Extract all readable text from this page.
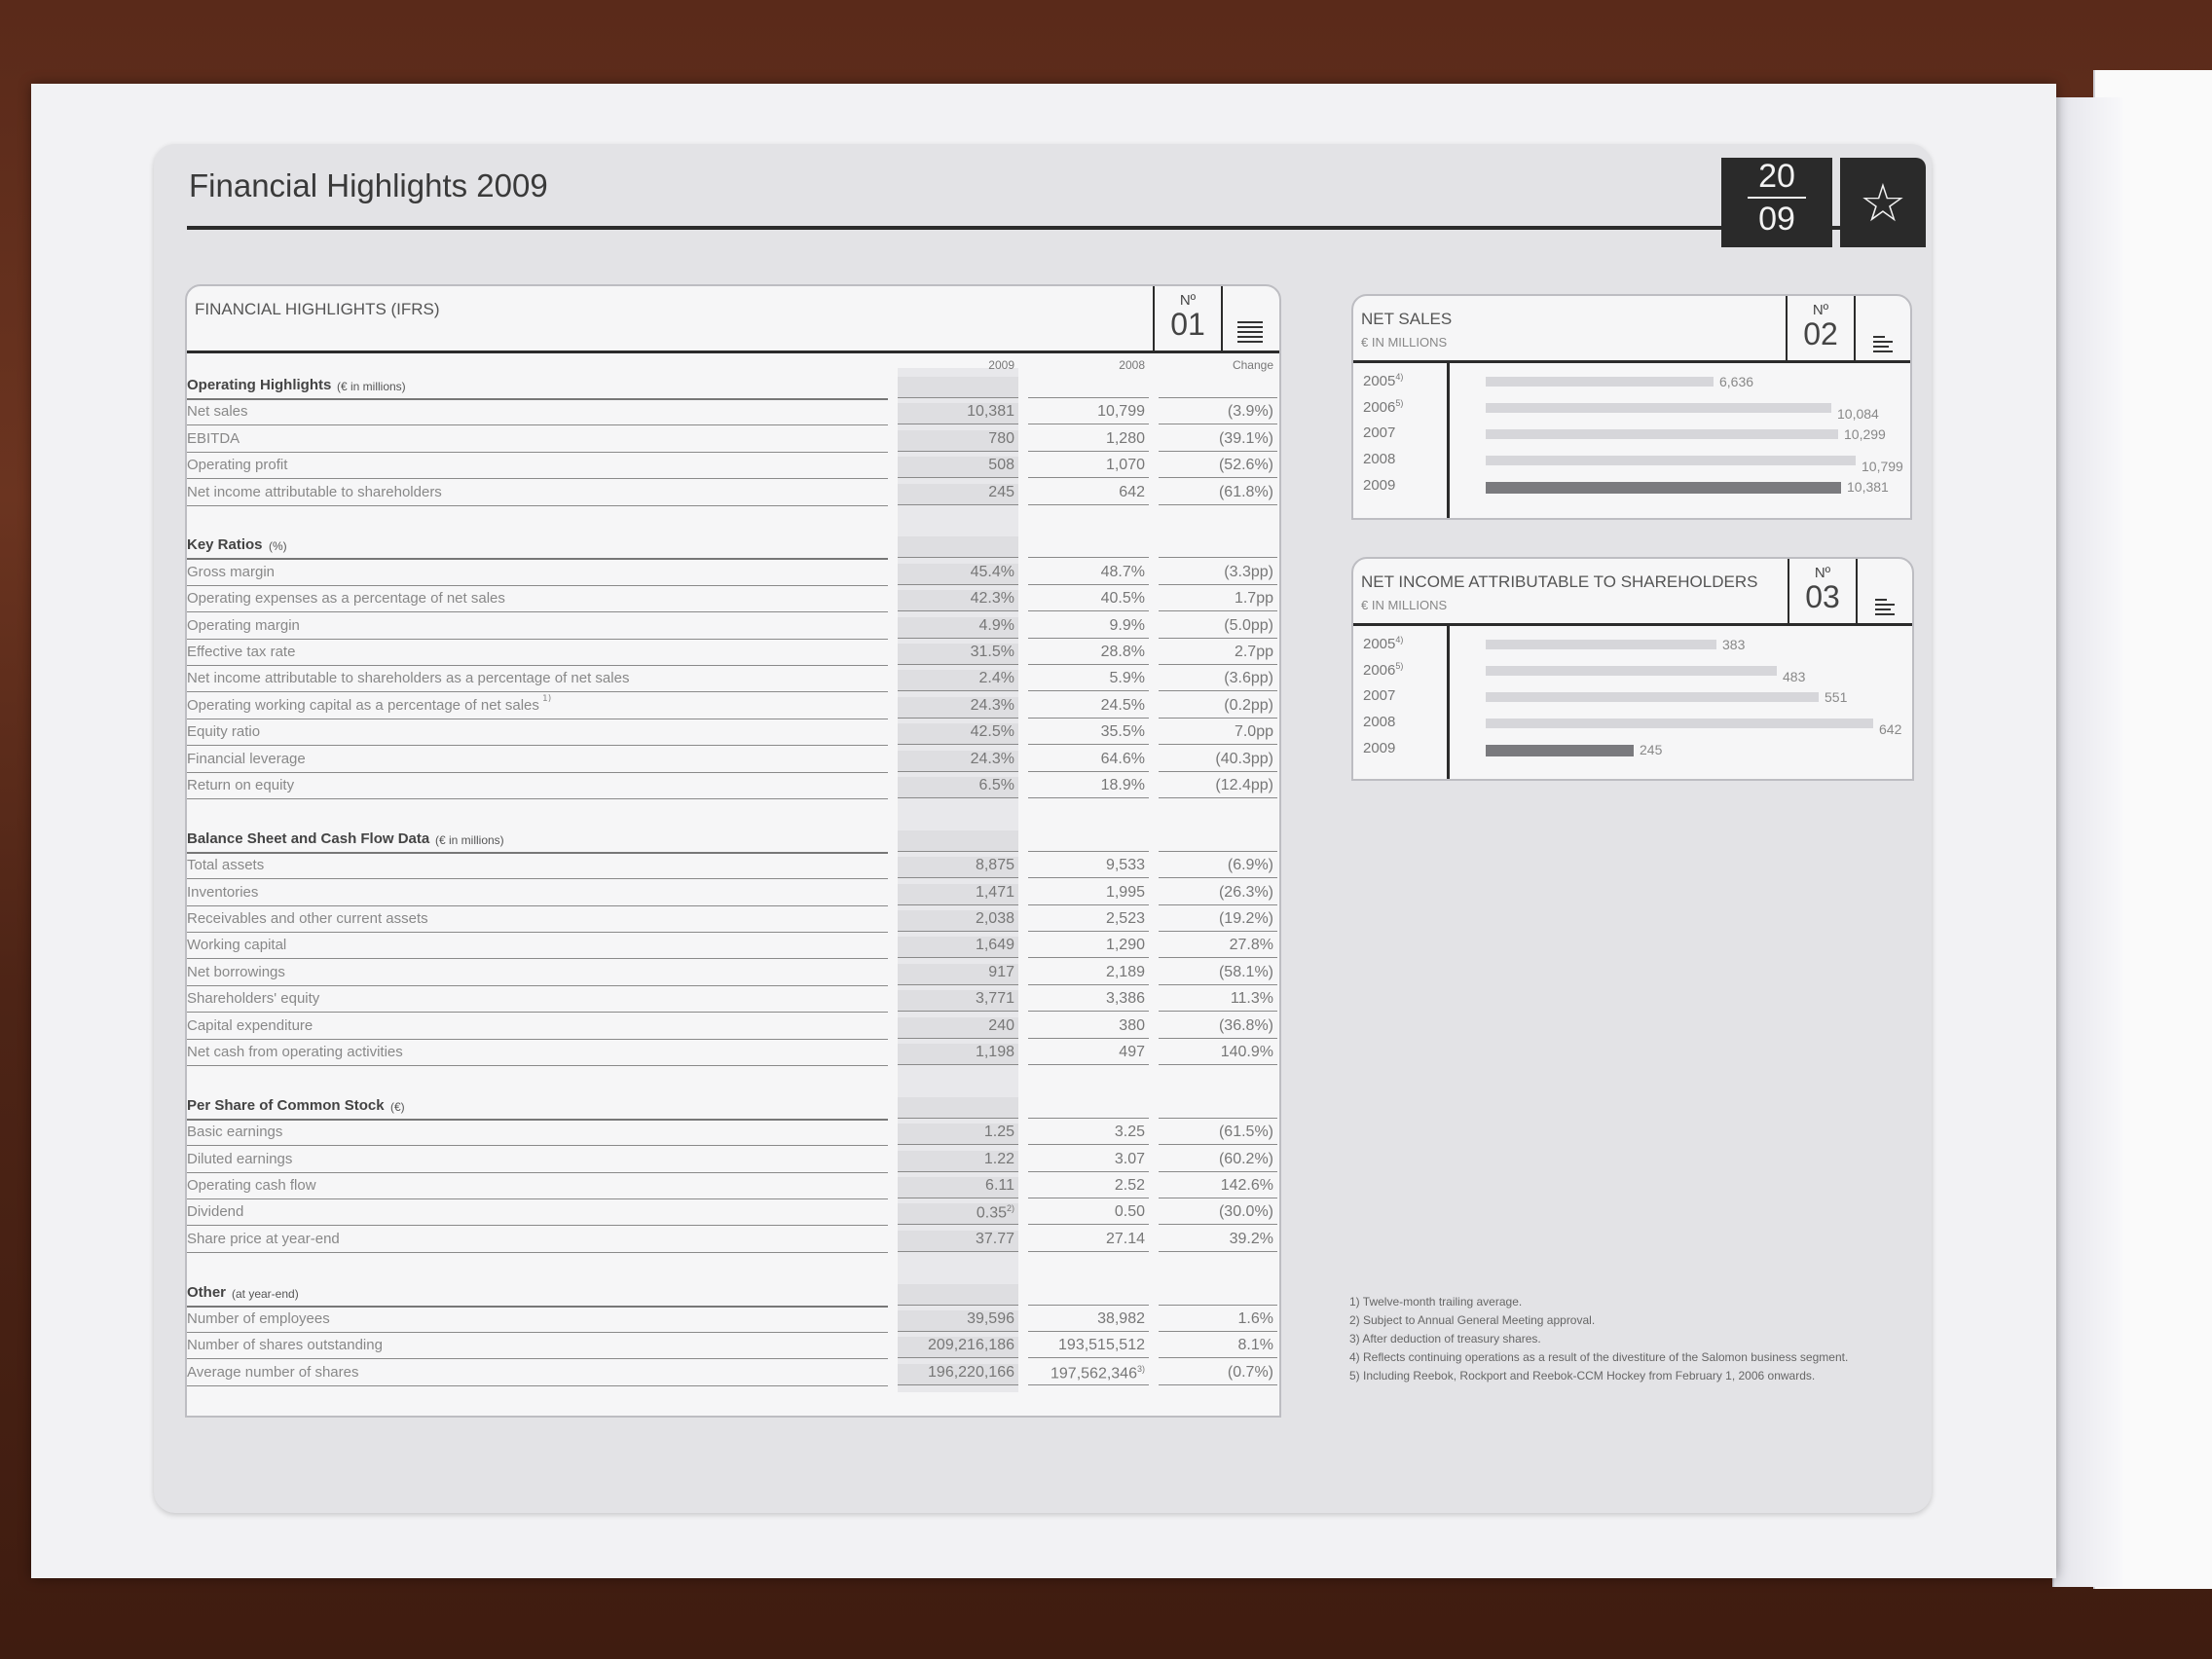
Financial Highlights 2009	20
09	☆
FINANCIAL HIGHLIGHTS (IFRS)	Nº
01
2009	2008	Change
Operating Highlights (€ in millions)
Net sales	10,381	10,799	(3.9%)
EBITDA	780	1,280	(39.1%)
Operating profit	508	1,070	(52.6%)
Net income attributable to shareholders	245	642	(61.8%)
Key Ratios (%)
Gross margin	45.4%	48.7%	(3.3pp)
Operating expenses as a percentage of net sales	42.3%	40.5%	1.7pp
Operating margin	4.9%	9.9%	(5.0pp)
Effective tax rate	31.5%	28.8%	2.7pp
Net income attributable to shareholders as a percentage of net sales	2.4%	5.9%	(3.6pp)
Operating working capital as a percentage of net sales 1)	24.3%	24.5%	(0.2pp)
Equity ratio	42.5%	35.5%	7.0pp
Financial leverage	24.3%	64.6%	(40.3pp)
Return on equity	6.5%	18.9%	(12.4pp)
Balance Sheet and Cash Flow Data (€ in millions)
Total assets	8,875	9,533	(6.9%)
Inventories	1,471	1,995	(26.3%)
Receivables and other current assets	2,038	2,523	(19.2%)
Working capital	1,649	1,290	27.8%
Net borrowings	917	2,189	(58.1%)
Shareholders' equity	3,771	3,386	11.3%
Capital expenditure	240	380	(36.8%)
Net cash from operating activities	1,198	497	140.9%
Per Share of Common Stock (€)
Basic earnings	1.25	3.25	(61.5%)
Diluted earnings	1.22	3.07	(60.2%)
Operating cash flow	6.11	2.52	142.6%
Dividend	0.35$^{2)}$	0.50	(30.0%)
Share price at year-end	37.77	27.14	39.2%
Other (at year-end)
Number of employees	39,596	38,982	1.6%
Number of shares outstanding	209,216,186	193,515,512	8.1%
Average number of shares	196,220,166	197,562,346$^{3)}$	(0.7%)
NET SALES
€ IN MILLIONS
Nº
02
2005$^{4)}$	6,636
2006$^{5)}$
10,084
2007	10,299
2008	10,799
2009	10,381
NET INCOME ATTRIBUTABLE TO SHAREHOLDERS
€ IN MILLIONS
Nº
03
2005$^{4)}$	383
2006$^{5)}$
483
2007	551
2008	642
2009	245
1) Twelve-month trailing average.
2) Subject to Annual General Meeting approval.
3) After deduction of treasury shares.
4) Reflects continuing operations as a result of the divestiture of the Salomon business segment.
5) Including Reebok, Rockport and Reebok-CCM Hockey from February 1, 2006 onwards.
